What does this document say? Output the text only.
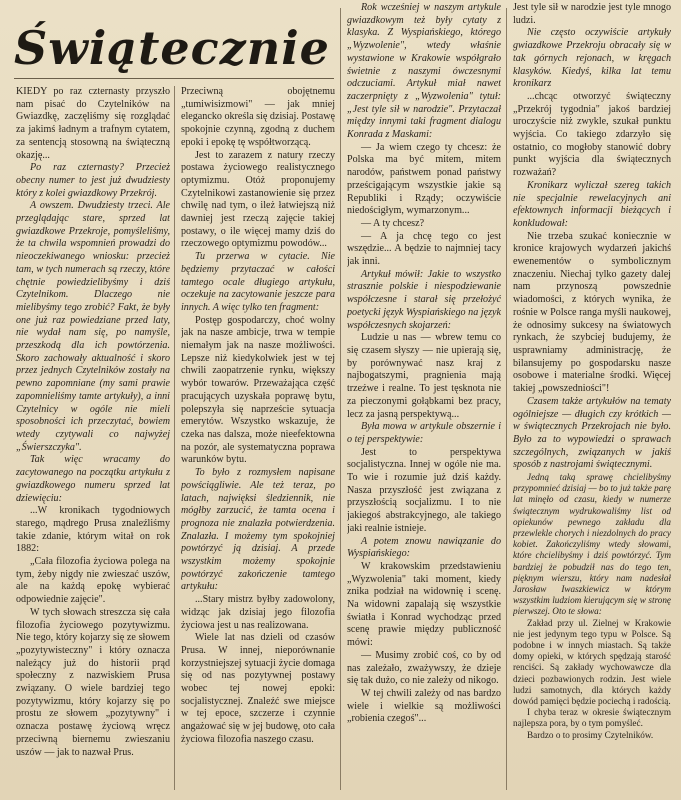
Świątecznie

KIEDY po raz czternasty przyszło nam pisać do Czytelników na Gwiazdkę, zaczęliśmy się rozglądać za jakimś ładnym a trafnym cytatem, za sentencją stosowną na świąteczną okazję...

Po raz czternasty? Przecież obecny numer to jest już dwudziesty który z kolei gwiazdkowy Przekrój.

A owszem. Dwudziesty trzeci. Ale przeglądając stare, sprzed lat gwiazdkowe Przekroje, pomyśleliśmy, że ta chwila wspomnień prowadzi do nieoczekiwanego wniosku: przecież tam, w tych numerach są rzeczy, które chętnie powiedzielibyśmy i dziś Czytelnikom. Dlaczego nie mielibyśmy tego zrobić? Fakt, że były one już raz powiedziane przed laty, nie wydał nam się, po namyśle, przeszkodą dla ich powtórzenia. Skoro zachowały aktualność i skoro przez jednych Czytelników zostały na pewno zapomniane (my sami prawie zapomnieliśmy tamte artykuły), a inni Czytelnicy w ogóle nie mieli sposobności ich przeczytać, bowiem wtedy czytywali co najwyżej „Świerszczyka".

Tak więc wracamy do zacytowanego na początku artykułu z gwiazdkowego numeru sprzed lat dziewięciu:

...W kronikach tygodniowych starego, mądrego Prusa znaleźliśmy takie zdanie, którym witał on rok 1882:

„Cała filozofia życiowa polega na tym, żeby nigdy nie zwieszać uszów, ale na każdą epokę wybierać odpowiednie zajęcie".

W tych słowach streszcza się cała filozofia życiowego pozytywizmu. Nie tego, który kojarzy się ze słowem „pozytywisteczny" i który oznacza należący już do historii prąd społeczny z nazwiskiem Prusa związany. O wiele bardziej tego pozytywizmu, który kojarzy się po prostu ze słowem „pozytywny" i oznacza postawę życiową wręcz przeciwną biernemu zwieszaniu uszów — jak to nazwał Prus.

Przeciwną obojętnemu „tumiwisizmowi" — jak mniej elegancko określa się dzisiaj. Postawę spokojnie czynną, zgodną z duchem epoki i epokę tę współtworzącą.

Jest to zarazem z natury rzeczy postawa życiowego realistycznego optymizmu. Otóż proponujemy Czytelnikowi zastanowienie się przez chwilę nad tym, o ileż łatwiejszą niż dawniej jest rzeczą zajęcie takiej postawy, o ile więcej mamy dziś do rzeczowego optymizmu powodów...

Tu przerwa w cytacie. Nie będziemy przytaczać w całości tamtego ocale długiego artykułu, oczekuje na zacytowanie jeszcze para innych. A więc tylko ten fragment:

Postęp gospodarczy, choć wolny jak na nasze ambicje, trwa w tempie niemałym jak na nasze możliwości. Lepsze niż kiedykolwiek jest w tej chwili zaopatrzenie rynku, większy wybór towarów. Przeważająca część pracujących uzyskała poprawę bytu, polepszyła się naprzeście sytuacja emerytów. Wszystko wskazuje, że czeka nas dalsza, może nieefektowna na pozór, ale systematyczna poprawa warunków bytu.

To było z rozmysłem napisane powściągliwie. Ale też teraz, po latach, najwięksi śledziennik, nie mógłby zarzucić, że tamta ocena i prognoza nie znalazła potwierdzenia. Znalazła. I możemy tym spokojniej powtórzyć ją dzisiaj. A przede wszystkim możemy spokojnie powtórzyć zakończenie tamtego artykułu:

...Stary mistrz byłby zadowolony, widząc jak dzisiaj jego filozofia życiowa jest u nas realizowana.

Wiele lat nas dzieli od czasów Prusa. W innej, nieporównanie korzystniejszej sytuacji życie domaga się od nas pozytywnej postawy wobec tej nowej epoki: socjalistycznej. Znaleźć swe miejsce w tej epoce, szczerze i czynnie angażować się w jej budowę, oto cała życiowa filozofia naszego czasu.

Rok wcześniej w naszym artykule gwiazdkowym też były cytaty z klasyka. Z Wyspiańskiego, którego „Wyzwolenie", wtedy właśnie wystawione w Krakowie współgrało świetnie z naszymi ówczesnymi odczuciami. Artykuł miał nawet zaczerpnięty z „Wyzwolenia" tytuł: „Jest tyle sił w narodzie". Przytaczał między innymi taki fragment dialogu Konrada z Maskami:

— Ja wiem czego ty chcesz: że Polska ma być mitem, mitem narodów, państwem ponad państwy prześcigającym wszystkie jakie są Republiki i Rządy; oczywiście niedościgłym, wymarzonym...

— A ty chcesz?

— A ja chcę tego co jest wszędzie... A będzie to najmniej tacy jak inni.

Artykuł mówił: Jakie to wszystko strasznie polskie i niespodziewanie współczesne i starał się przełożyć poetycki język Wyspiańskiego na język współczesnych skojarzeń:

Ludzie u nas — wbrew temu co się czasem słyszy — nie upierają się, by porównywać nasz kraj z najbogatszymi, pragnienia mają trzeźwe i realne. To jest tęsknota nie za pieczonymi gołąbkami bez pracy, lecz za jasną perspektywą...

Była mowa w artykule obszernie i o tej perspektywie:

Jest to perspektywa socjalistyczna. Innej w ogóle nie ma. To wie i rozumie już dziś każdy. Nasza przyszłość jest związana z przyszłością socjalizmu. I to nie jakiegoś abstrakcyjnego, ale takiego jaki realnie istnieje.

A potem znowu nawiązanie do Wyspiańskiego:

W krakowskim przedstawieniu „Wyzwolenia" taki moment, kiedy znika podział na widownię i scenę. Na widowni zapalają się wszystkie światła i Konrad wychodząc przed scenę prawie między publiczność mówi:

— Musimy zrobić coś, co by od nas zależało, zważywszy, że dzieje się tak dużo, co nie zależy od nikogo.

W tej chwili zależy od nas bardzo wiele i wielkie są możliwości „robienia czegoś"...

Jest tyle sił w narodzie jest tyle mnogo ludzi.

Nie często oczywiście artykuły gwiazdkowe Przekroju obracały się w tak górnych rejonach, w kręgach klasyków. Kiedyś, kilka lat temu kronikarz

...chcąc otworzyć świąteczny „Przekrój tygodnia" jakoś bardziej uroczyście niż zwykle, szukał punktu wyjścia. Co takiego zdarzyło się ostatnio, co mogłoby stanowić dobry punkt wyjścia dla świątecznych rozważań?

Kronikarz wyliczał szereg takich nie specjalnie rewelacyjnych ani efektownych informacji bieżących i konkludował:

Nie trzeba szukać koniecznie w kronice krajowych wydarzeń jakichś ewenementów o symbolicznym znaczeniu. Niechaj tylko gazety dalej nam przynoszą powszednie wiadomości, z których wynika, że rośnie w Polsce ranga myśli naukowej, że odnosimy sukcesy na światowych rynkach, że szybciej budujemy, że usprawniamy administrację, że bilansujemy po gospodarsku nasze osobowe i materialne środki. Więcej takiej „powszedniości"!

Czasem także artykułów na tematy ogólniejsze — długich czy krótkich — w świątecznych Przekrojach nie było. Było za to wypowiedzi o sprawach szczególnych, związanych w jakiś sposób z nastrojami świątecznymi.

Jedną taką sprawę chcielibyśmy przypomnieć dzisiaj — bo to już także parę lat minęło od czasu, kiedy w numerze świątecznym wydrukowaliśmy list od opiekunów pewnego zakładu dla przewlekle chorych i niezdolnych do pracy kobiet. Zakończyliśmy wtedy słowami, które chcielibyśmy i dziś powtórzyć. Tym bardziej że pobudził nas do tego ten, pięknym wierszu, który nam nadesłał Jarosław Iwaszkiewicz w którym wszystkim ludziom kierującym się w stronę pierwszej. Oto te słowa:

Zakład przy ul. Zielnej w Krakowie nie jest jedynym tego typu w Polsce. Są podobne i w innych miastach. Są także domy opieki, w których spędzają starość renciści. Są zakłady wychowawcze dla dzieci pozbawionych rodzin. Jest wiele ludzi samotnych, dla których każdy dowód pamięci będzie pociechą i radością.

I chyba teraz w okresie świątecznym najlepsza pora, by o tym pomyśleć.

Bardzo o to prosimy Czytelników.
